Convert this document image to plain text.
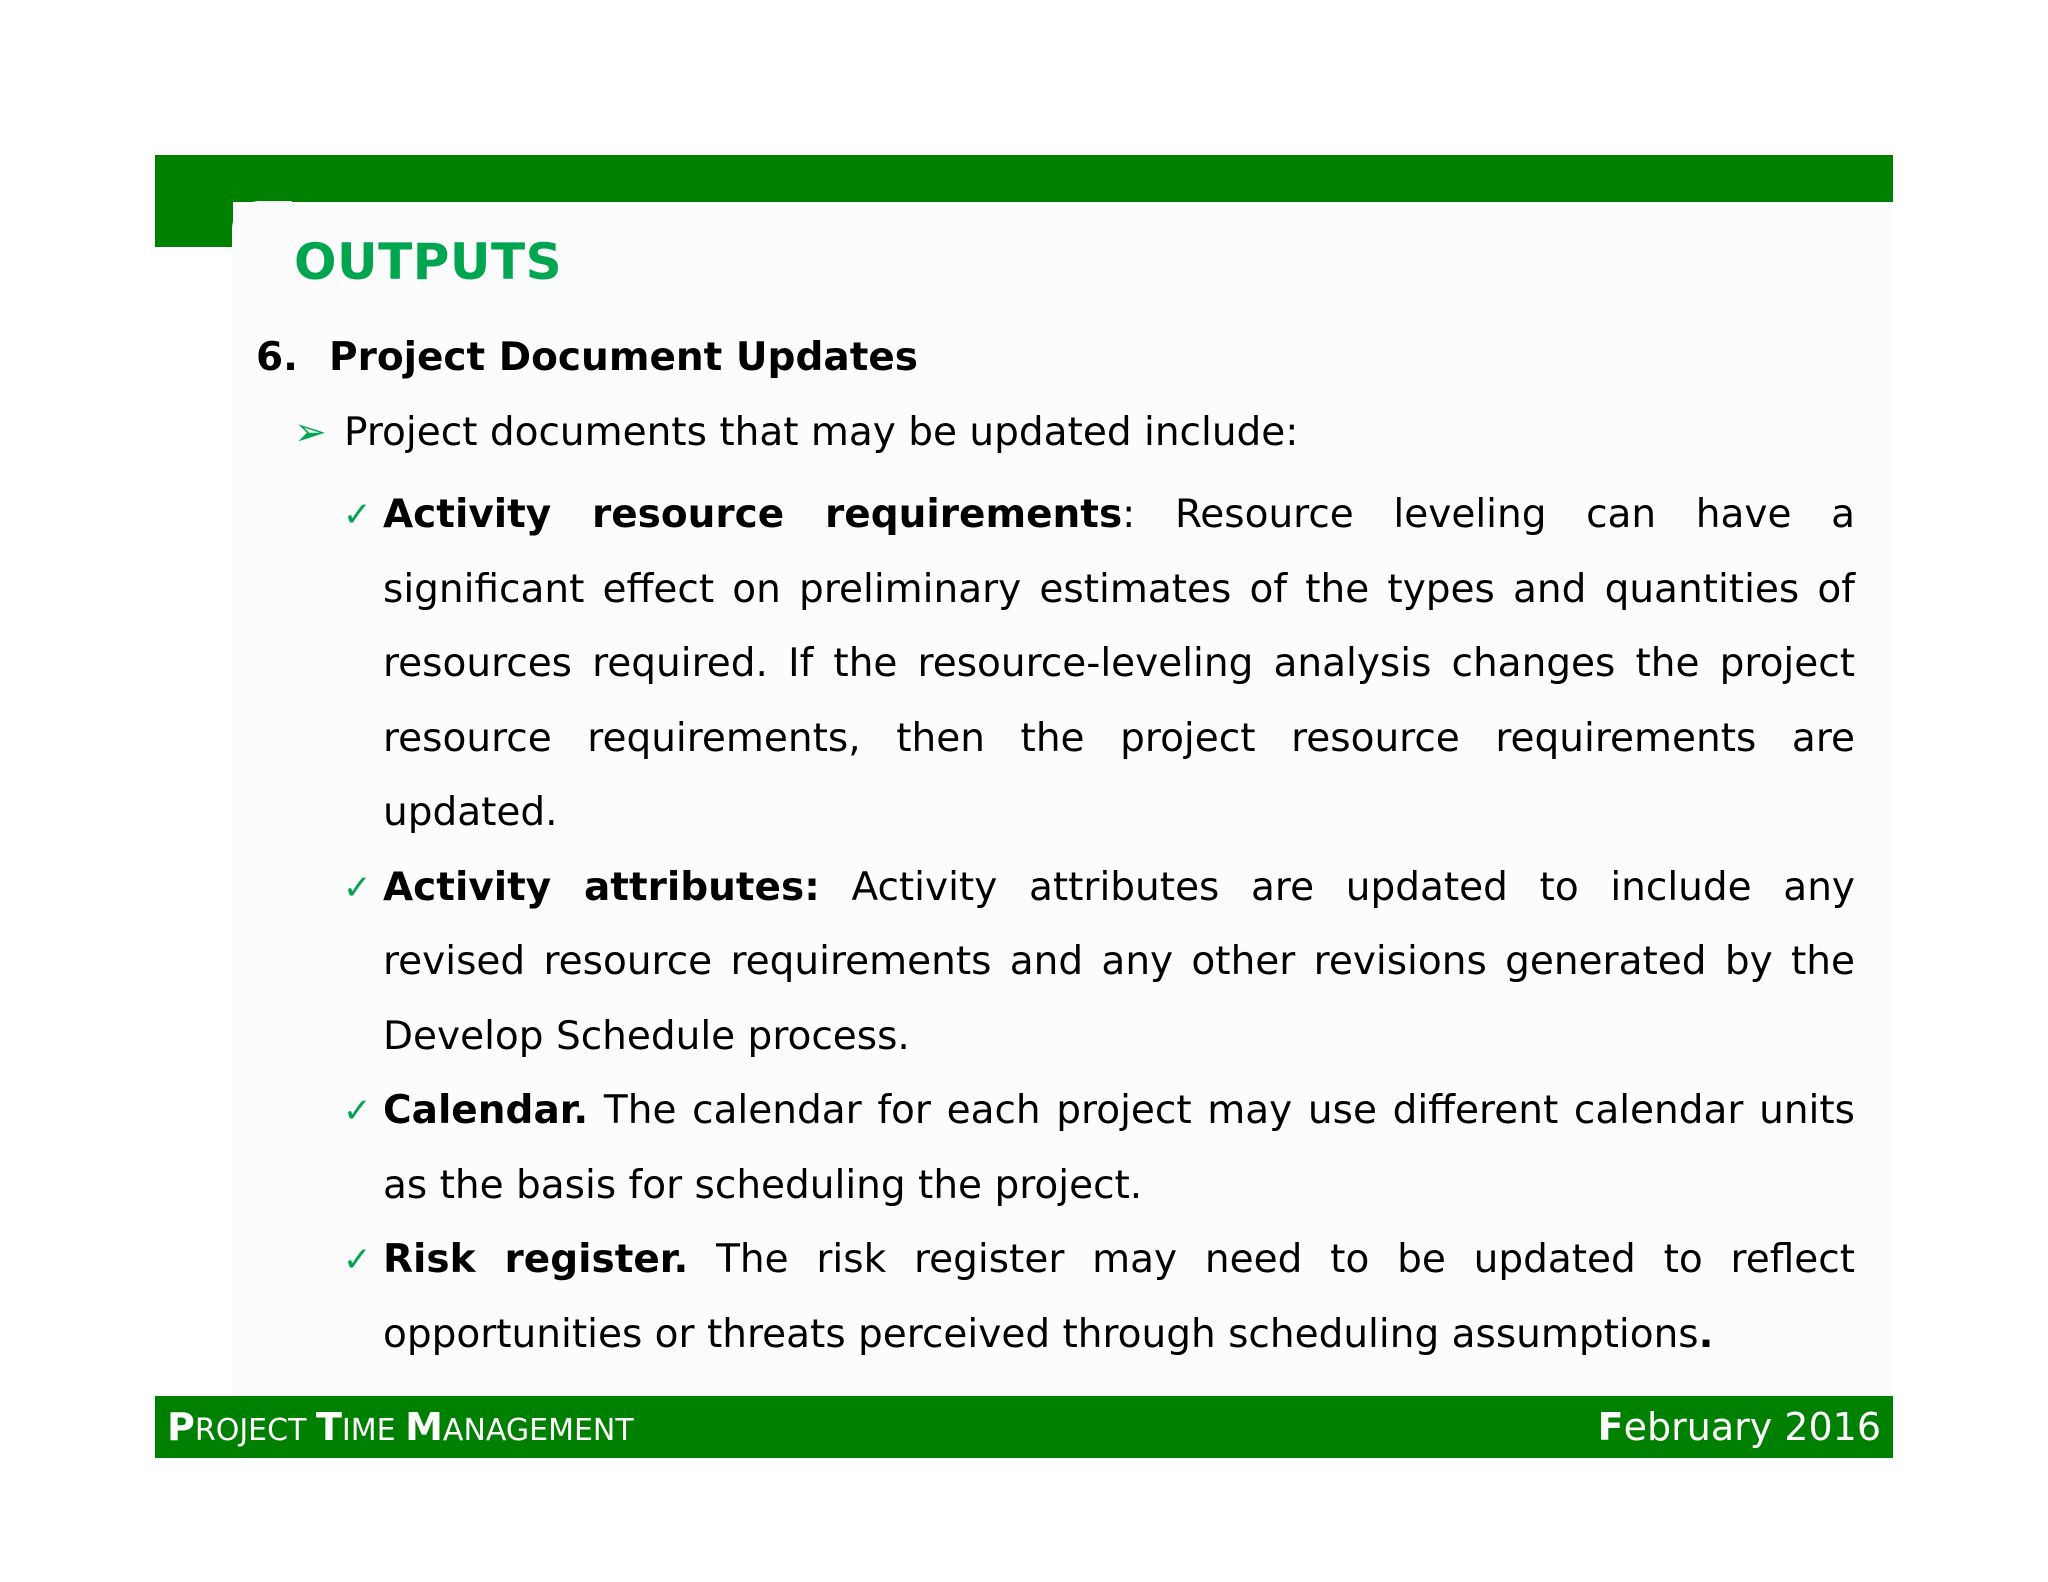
OUTPUTS
6. Project Document Updates
➢ Project documents that may be updated include:
✓ Activity resource requirements: Resource leveling can have a significant effect on preliminary estimates of the types and quantities of resources required. If the resource-leveling analysis changes the project resource requirements, then the project resource requirements are updated.

✓ Activity attributes: Activity attributes are updated to include any revised resource requirements and any other revisions generated by the Develop Schedule process.

✓ Calendar. The calendar for each project may use different calendar units as the basis for scheduling the project.

✓ Risk register. The risk register may need to be updated to reflect opportunities or threats perceived through scheduling assumptions.

PROJECT TIME MANAGEMENT	February 2016
